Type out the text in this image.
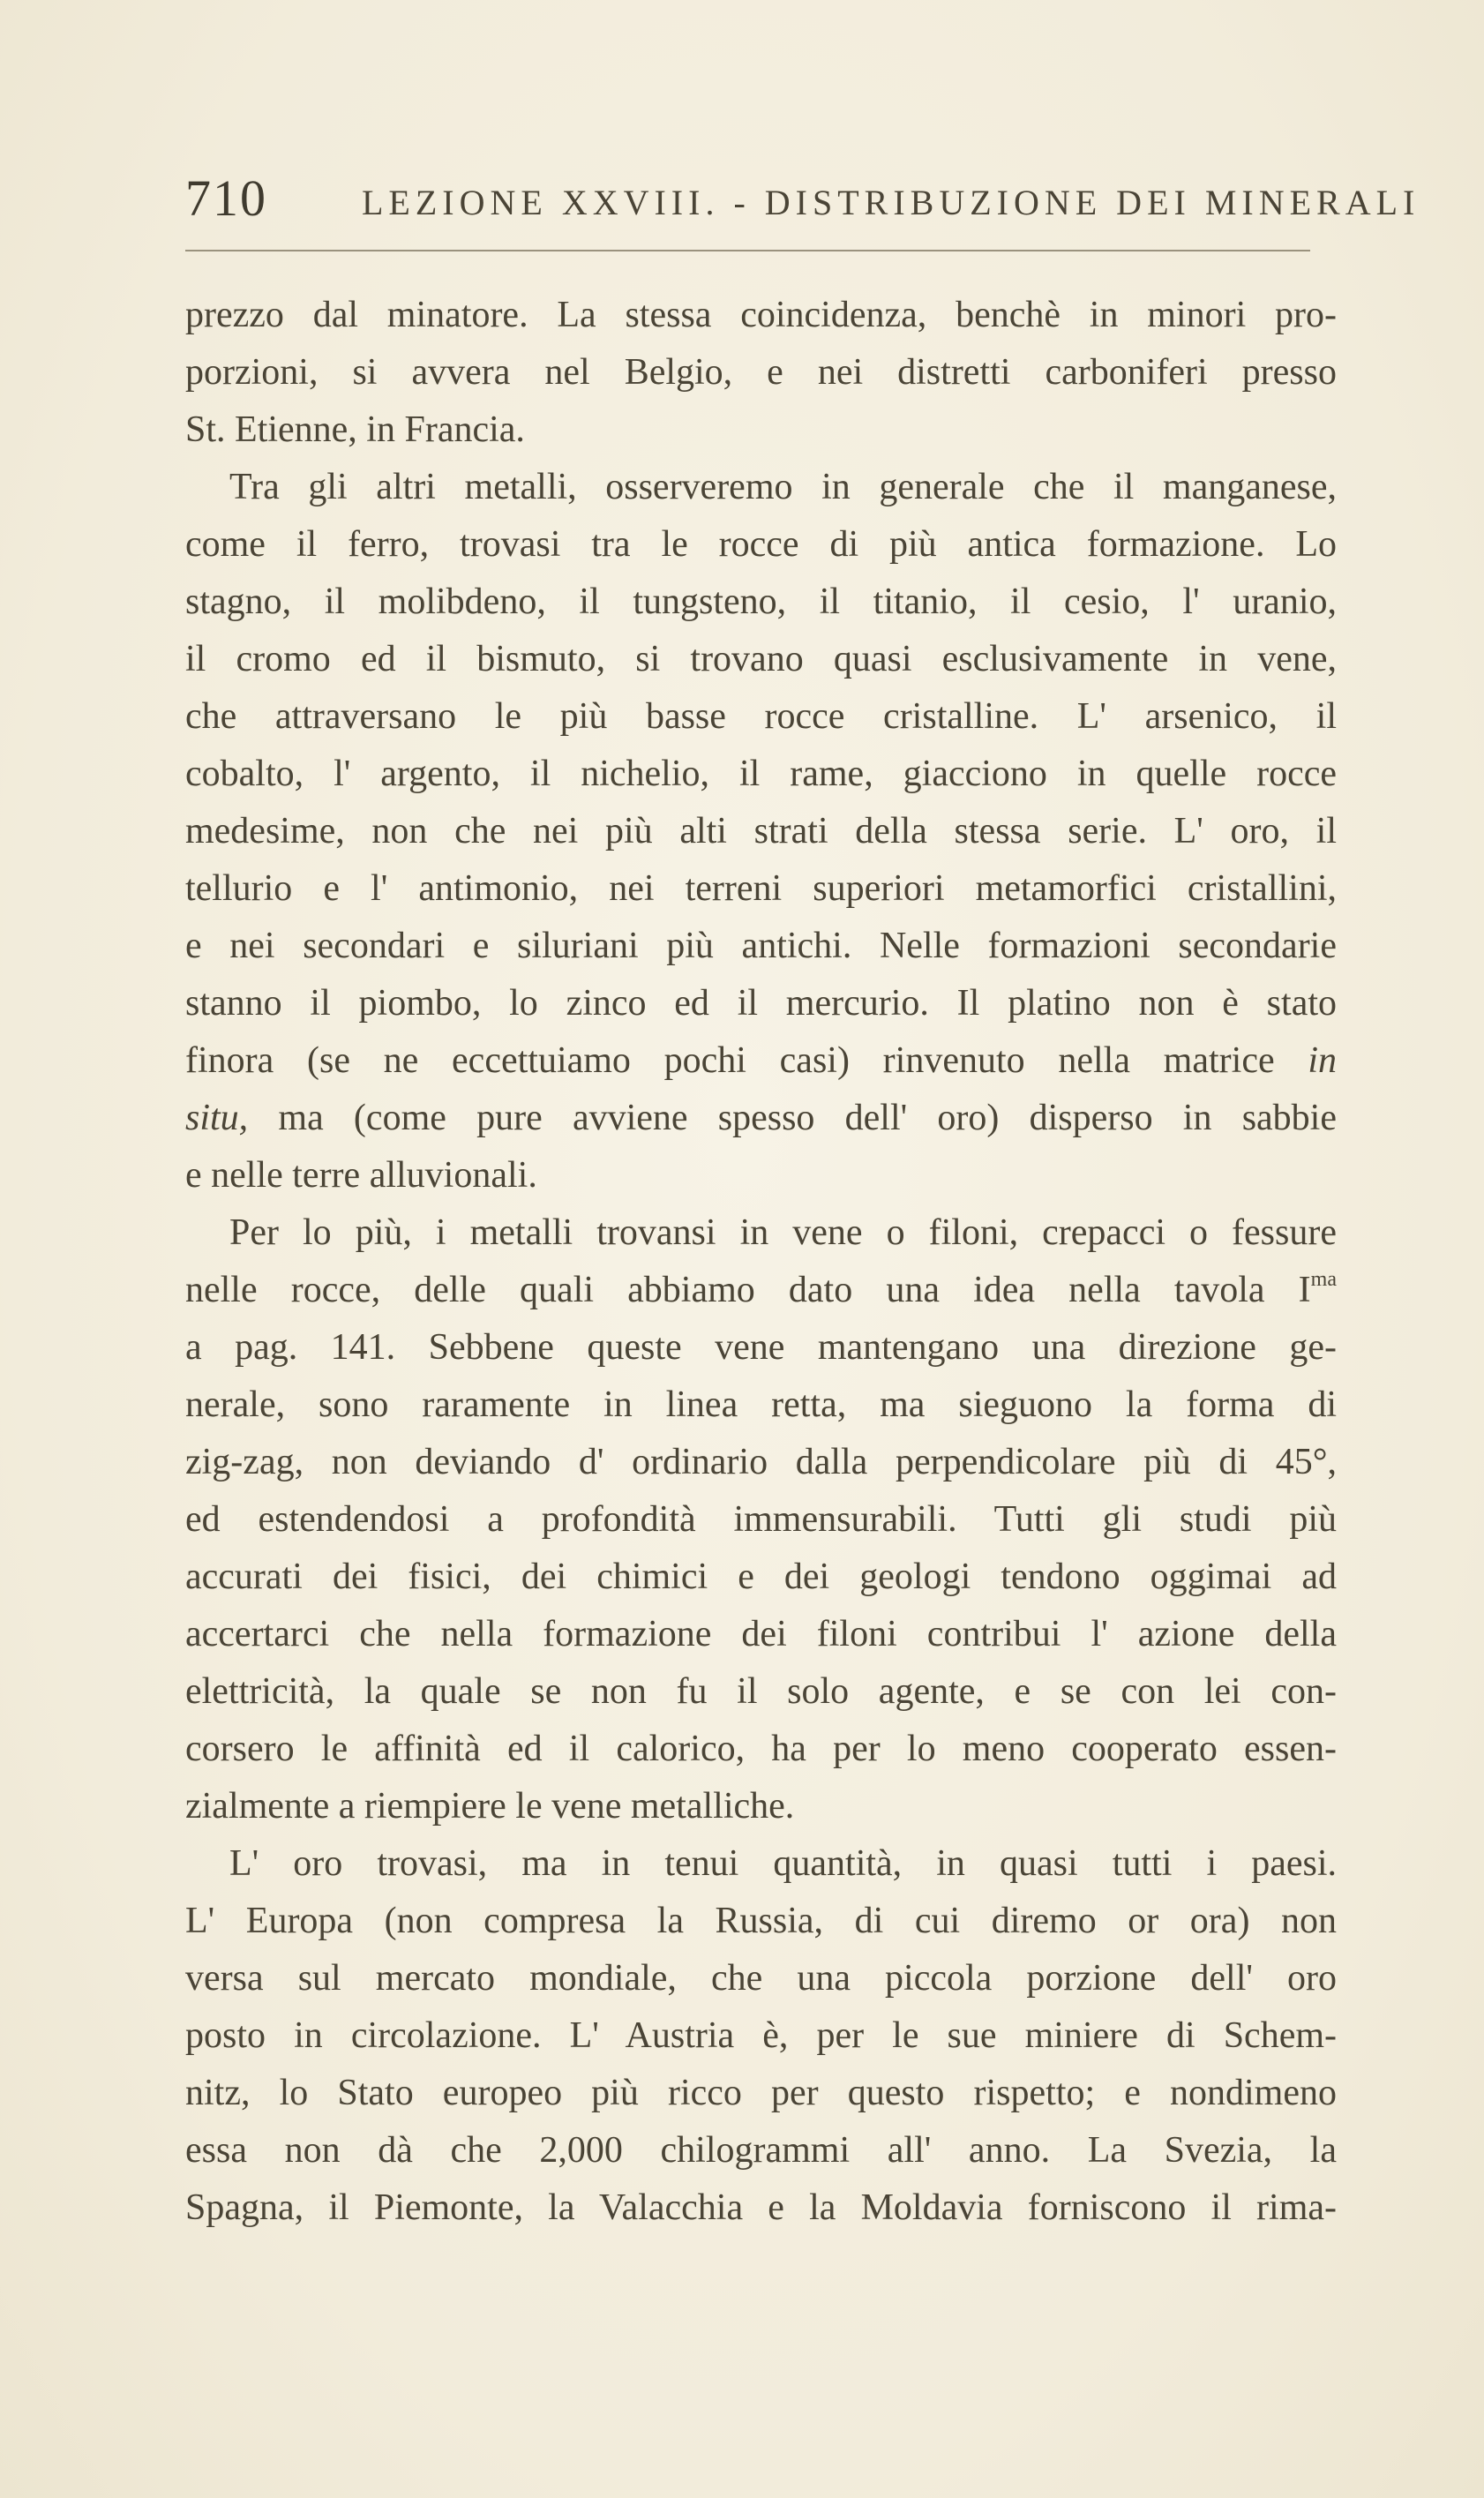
710	LEZIONE XXVIII. - DISTRIBUZIONE DEI MINERALI
prezzo dal minatore. La stessa coincidenza, benchè in minori pro-
porzioni, si avvera nel Belgio, e nei distretti carboniferi presso
St. Etienne, in Francia.
Tra gli altri metalli, osserveremo in generale che il manganese,
come il ferro, trovasi tra le rocce di più antica formazione. Lo
stagno, il molibdeno, il tungsteno, il titanio, il cesio, l' uranio,
il cromo ed il bismuto, si trovano quasi esclusivamente in vene,
che attraversano le più basse rocce cristalline. L' arsenico, il
cobalto, l' argento, il nichelio, il rame, giacciono in quelle rocce
medesime, non che nei più alti strati della stessa serie. L' oro, il
tellurio e l' antimonio, nei terreni superiori metamorfici cristallini,
e nei secondari e siluriani più antichi. Nelle formazioni secondarie
stanno il piombo, lo zinco ed il mercurio. Il platino non è stato
finora (se ne eccettuiamo pochi casi) rinvenuto nella matrice in
situ, ma (come pure avviene spesso dell' oro) disperso in sabbie
e nelle terre alluvionali.
Per lo più, i metalli trovansi in vene o filoni, crepacci o fessure
nelle rocce, delle quali abbiamo dato una idea nella tavola $I^{ma}$
a pag. 141. Sebbene queste vene mantengano una direzione ge-
nerale, sono raramente in linea retta, ma sieguono la forma di
zig-zag, non deviando d' ordinario dalla perpendicolare più di 45°,
ed estendendosi a profondità immensurabili. Tutti gli studi più
accurati dei fisici, dei chimici e dei geologi tendono oggimai ad
accertarci che nella formazione dei filoni contribui l' azione della
elettricità, la quale se non fu il solo agente, e se con lei con-
corsero le affinità ed il calorico, ha per lo meno cooperato essen-
zialmente a riempiere le vene metalliche.
L' oro trovasi, ma in tenui quantità, in quasi tutti i paesi.
L' Europa (non compresa la Russia, di cui diremo or ora) non
versa sul mercato mondiale, che una piccola porzione dell' oro
posto in circolazione. L' Austria è, per le sue miniere di Schem-
nitz, lo Stato europeo più ricco per questo rispetto; e nondimeno
essa non dà che 2,000 chilogrammi all' anno. La Svezia, la
Spagna, il Piemonte, la Valacchia e la Moldavia forniscono il rima-
